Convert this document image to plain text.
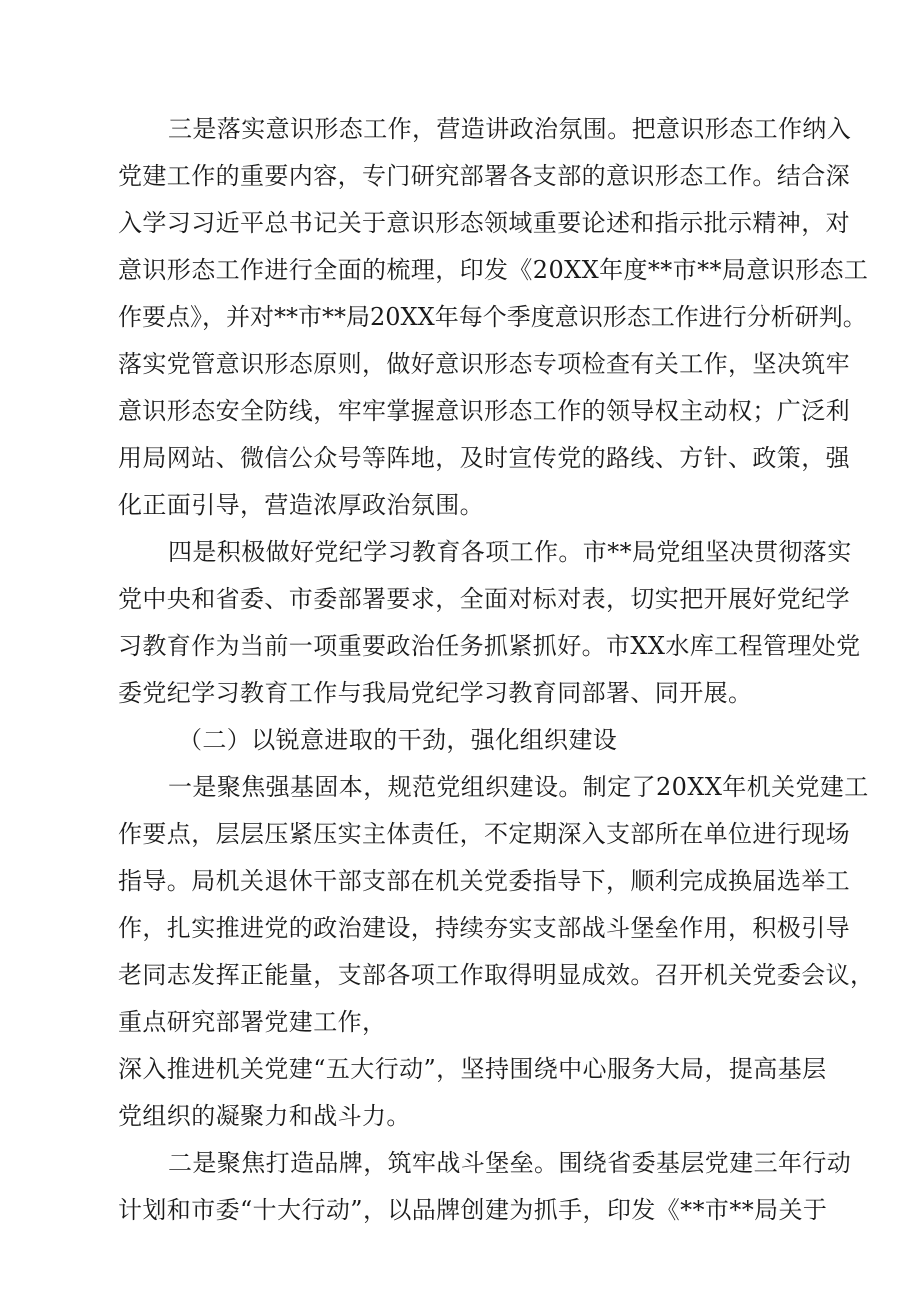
三是落实意识形态工作，营造讲政治氛围。把意识形态工作纳入
党建工作的重要内容，专门研究部署各支部的意识形态工作。结合深
入学习习近平总书记关于意识形态领域重要论述和指示批示精神，对
意识形态工作进行全面的梳理，印发《20XX年度**市**局意识形态工
作要点》，并对**市**局20XX年每个季度意识形态工作进行分析研判。
落实党管意识形态原则，做好意识形态专项检查有关工作，坚决筑牢
意识形态安全防线，牢牢掌握意识形态工作的领导权主动权；广泛利
用局网站、微信公众号等阵地，及时宣传党的路线、方针、政策，强
化正面引导，营造浓厚政治氛围。
四是积极做好党纪学习教育各项工作。市**局党组坚决贯彻落实
党中央和省委、市委部署要求，全面对标对表，切实把开展好党纪学
习教育作为当前一项重要政治任务抓紧抓好。市XX水库工程管理处党
委党纪学习教育工作与我局党纪学习教育同部署、同开展。
（二）以锐意进取的干劲，强化组织建设
一是聚焦强基固本，规范党组织建设。制定了20XX年机关党建工
作要点，层层压紧压实主体责任，不定期深入支部所在单位进行现场
指导。局机关退休干部支部在机关党委指导下，顺利完成换届选举工
作，扎实推进党的政治建设，持续夯实支部战斗堡垒作用，积极引导
老同志发挥正能量，支部各项工作取得明显成效。召开机关党委会议，
重点研究部署党建工作，
深入推进机关党建“五大行动”，坚持围绕中心服务大局，提高基层
党组织的凝聚力和战斗力。
二是聚焦打造品牌，筑牢战斗堡垒。围绕省委基层党建三年行动
计划和市委“十大行动”，以品牌创建为抓手，印发《**市**局关于
